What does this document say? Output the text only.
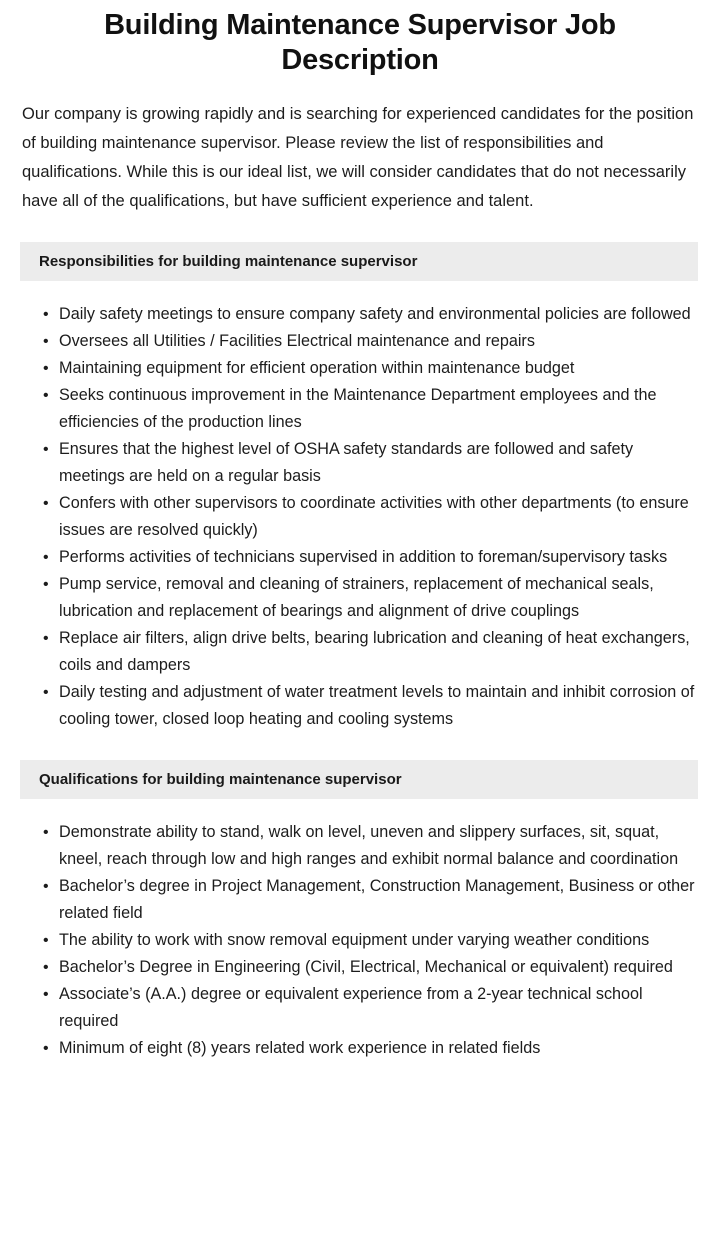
Building Maintenance Supervisor Job Description

Our company is growing rapidly and is searching for experienced candidates for the position of building maintenance supervisor. Please review the list of responsibilities and qualifications. While this is our ideal list, we will consider candidates that do not necessarily have all of the qualifications, but have sufficient experience and talent.

Responsibilities for building maintenance supervisor
• Daily safety meetings to ensure company safety and environmental policies are followed
• Oversees all Utilities / Facilities Electrical maintenance and repairs
• Maintaining equipment for efficient operation within maintenance budget
• Seeks continuous improvement in the Maintenance Department employees and the efficiencies of the production lines
• Ensures that the highest level of OSHA safety standards are followed and safety meetings are held on a regular basis
• Confers with other supervisors to coordinate activities with other departments (to ensure issues are resolved quickly)
• Performs activities of technicians supervised in addition to foreman/supervisory tasks
• Pump service, removal and cleaning of strainers, replacement of mechanical seals, lubrication and replacement of bearings and alignment of drive couplings
• Replace air filters, align drive belts, bearing lubrication and cleaning of heat exchangers, coils and dampers
• Daily testing and adjustment of water treatment levels to maintain and inhibit corrosion of cooling tower, closed loop heating and cooling systems
Qualifications for building maintenance supervisor
• Demonstrate ability to stand, walk on level, uneven and slippery surfaces, sit, squat, kneel, reach through low and high ranges and exhibit normal balance and coordination
• Bachelor’s degree in Project Management, Construction Management, Business or other related field
• The ability to work with snow removal equipment under varying weather conditions
• Bachelor’s Degree in Engineering (Civil, Electrical, Mechanical or equivalent) required
• Associate’s (A.A.) degree or equivalent experience from a 2-year technical school required
• Minimum of eight (8) years related work experience in related fields
